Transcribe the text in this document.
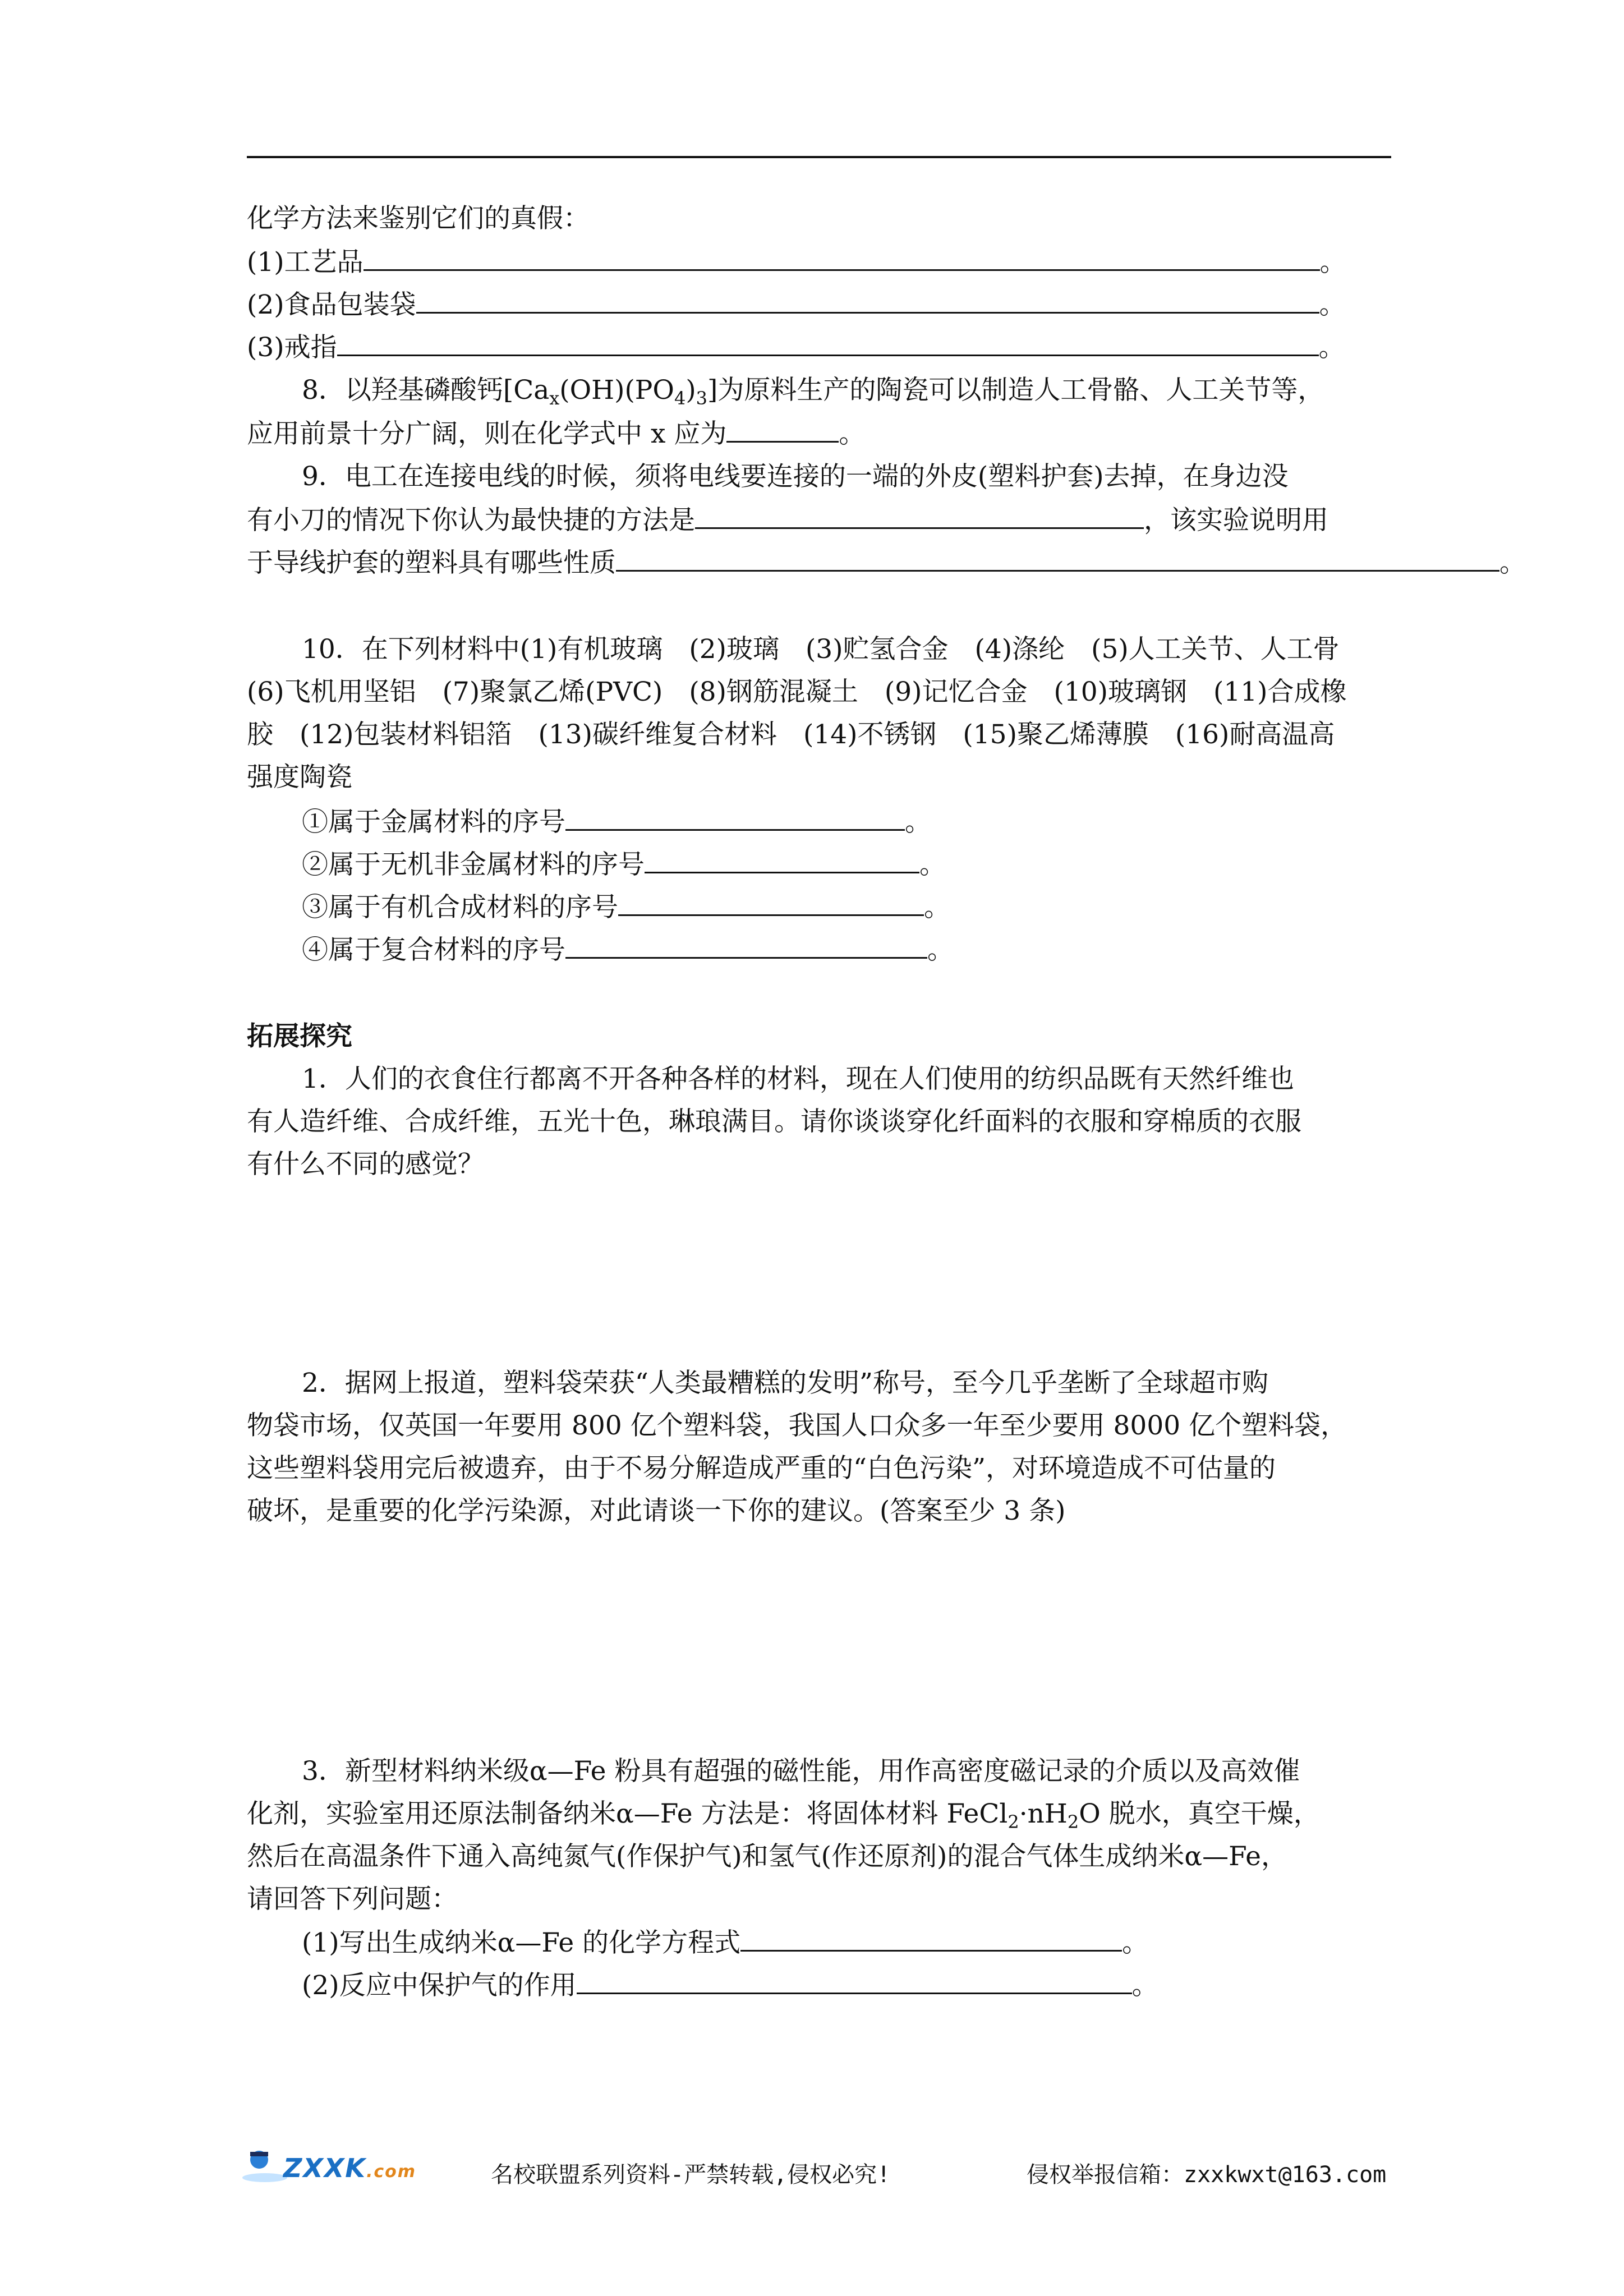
化学方法来鉴别它们的真假：
(1)工艺品	。
(2)食品包装袋	。
(3)戒指	。
8．以羟基磷酸钙$[Ca_x(OH)(PO_4)_3]$为原料生产的陶瓷可以制造人工骨骼、人工关节等，
应用前景十分广阔，则在化学式中 x 应为	。
9．电工在连接电线的时候，须将电线要连接的一端的外皮(塑料护套)去掉，在身边没
有小刀的情况下你认为最快捷的方法是	，该实验说明用
于导线护套的塑料具有哪些性质	。
10．在下列材料中(1)有机玻璃　(2)玻璃　(3)贮氢合金　(4)涤纶　(5)人工关节、人工骨
(6)飞机用坚铝　(7)聚氯乙烯(PVC)　(8)钢筋混凝土　(9)记忆合金　(10)玻璃钢　(11)合成橡
胶　(12)包装材料铝箔　(13)碳纤维复合材料　(14)不锈钢　(15)聚乙烯薄膜　(16)耐高温高
强度陶瓷
①属于金属材料的序号	。
②属于无机非金属材料的序号	。
③属于有机合成材料的序号	。
④属于复合材料的序号	。
拓展探究
1．人们的衣食住行都离不开各种各样的材料，现在人们使用的纺织品既有天然纤维也
有人造纤维、合成纤维，五光十色，琳琅满目。请你谈谈穿化纤面料的衣服和穿棉质的衣服
有什么不同的感觉？
2．据网上报道，塑料袋荣获“人类最糟糕的发明”称号，至今几乎垄断了全球超市购
物袋市场，仅英国一年要用 800 亿个塑料袋，我国人口众多一年至少要用 8000 亿个塑料袋，
这些塑料袋用完后被遗弃，由于不易分解造成严重的“白色污染”，对环境造成不可估量的
破坏，是重要的化学污染源，对此请谈一下你的建议。(答案至少 3 条)
3．新型材料纳米级α—Fe 粉具有超强的磁性能，用作高密度磁记录的介质以及高效催
化剂，实验室用还原法制备纳米α—Fe 方法是：将固体材料 $FeCl_2\cdot nH_2O$ 脱水，真空干燥，
然后在高温条件下通入高纯氮气(作保护气)和氢气(作还原剂)的混合气体生成纳米α—Fe，
请回答下列问题：
(1)写出生成纳米α—Fe 的化学方程式	。
(2)反应中保护气的作用	。
ZXXK.com	名校联盟系列资料-严禁转载,侵权必究!	侵权举报信箱：zxxkwxt@163.com
